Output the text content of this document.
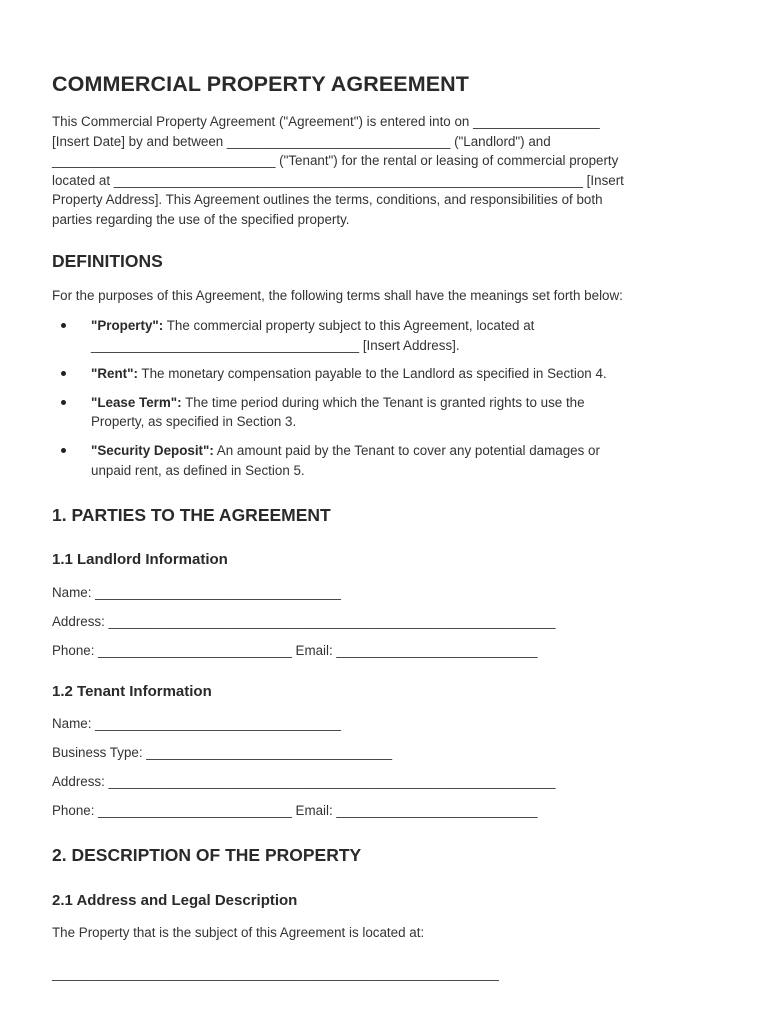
COMMERCIAL PROPERTY AGREEMENT
This Commercial Property Agreement ("Agreement") is entered into on _________________
[Insert Date] by and between ______________________________ ("Landlord") and
______________________________ ("Tenant") for the rental or leasing of commercial property
located at _______________________________________________________________ [Insert
Property Address]. This Agreement outlines the terms, conditions, and responsibilities of both
parties regarding the use of the specified property.
DEFINITIONS
For the purposes of this Agreement, the following terms shall have the meanings set forth below:
"Property": The commercial property subject to this Agreement, located at
____________________________________ [Insert Address].
"Rent": The monetary compensation payable to the Landlord as specified in Section 4.
"Lease Term": The time period during which the Tenant is granted rights to use the
Property, as specified in Section 3.
"Security Deposit": An amount paid by the Tenant to cover any potential damages or
unpaid rent, as defined in Section 5.
1. PARTIES TO THE AGREEMENT
1.1 Landlord Information
Name: _________________________________
Address: ____________________________________________________________
Phone: __________________________ Email: ___________________________
1.2 Tenant Information
Name: _________________________________
Business Type: _________________________________
Address: ____________________________________________________________
Phone: __________________________ Email: ___________________________
2. DESCRIPTION OF THE PROPERTY
2.1 Address and Legal Description
The Property that is the subject of this Agreement is located at:
____________________________________________________________
